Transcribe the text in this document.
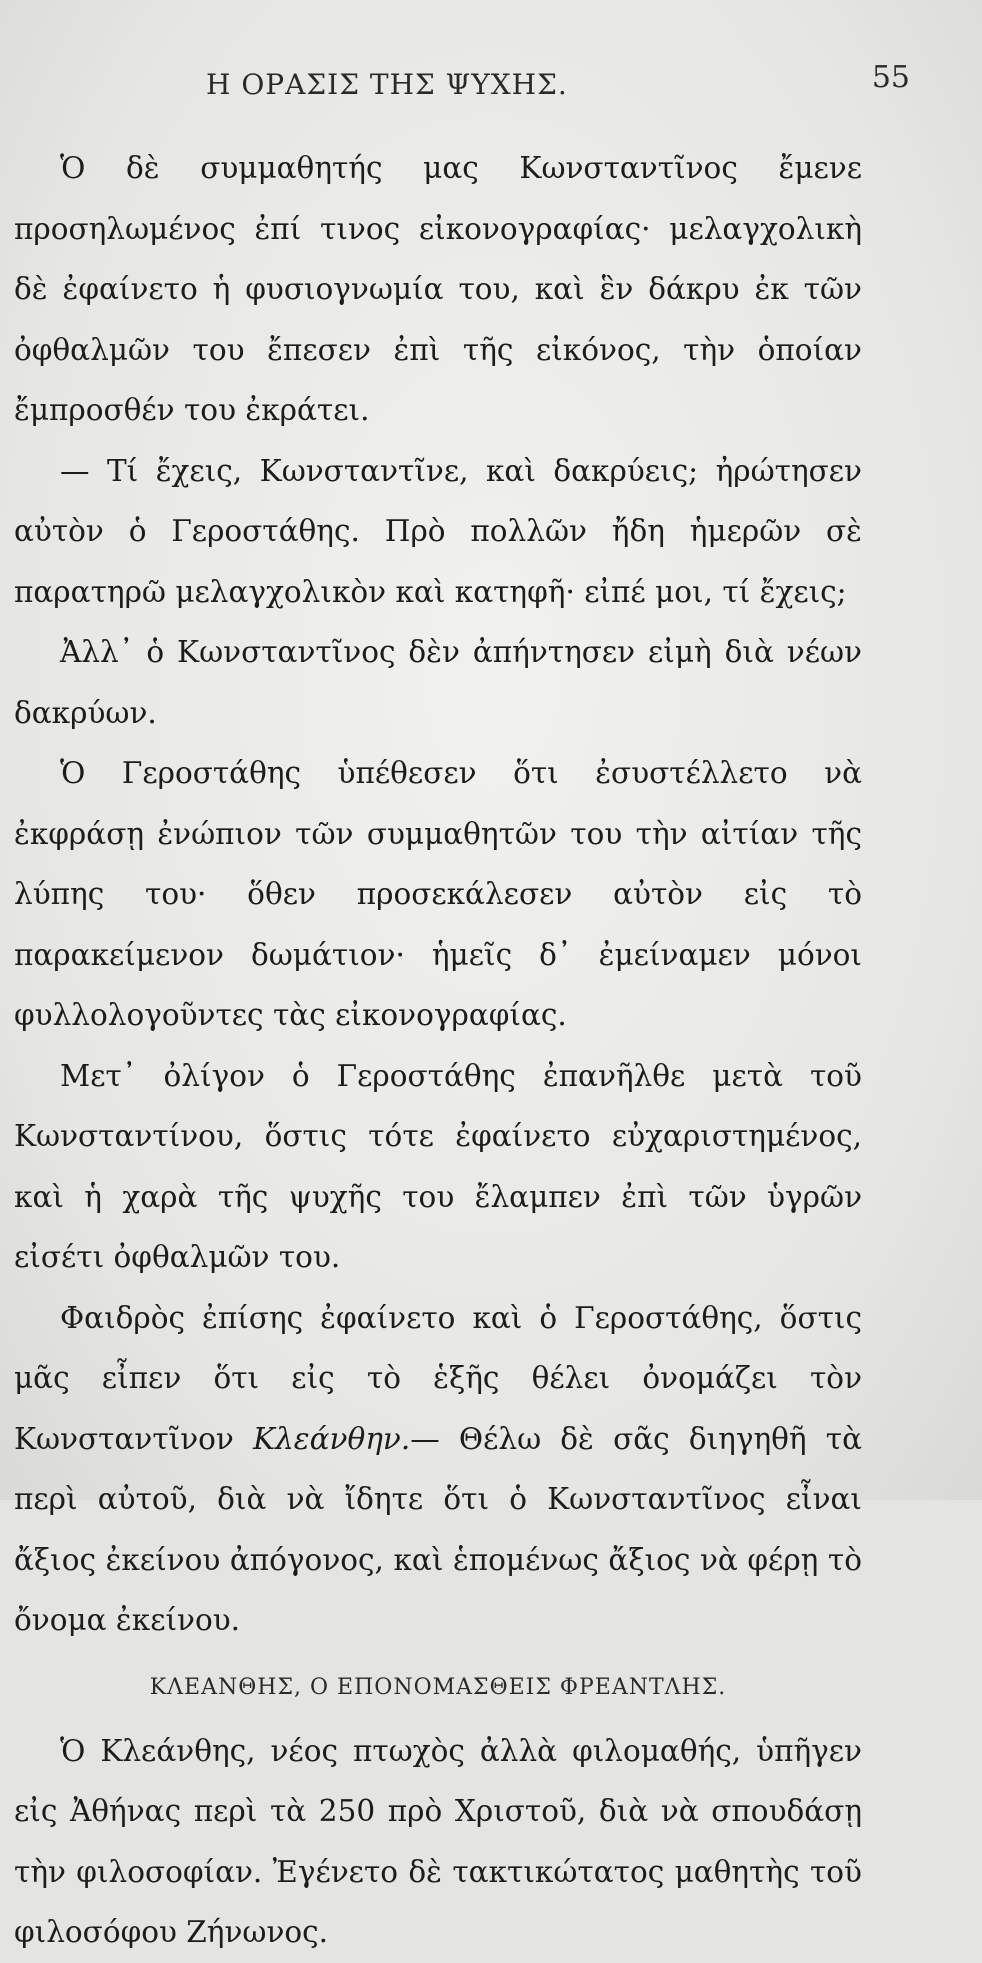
Η ΟΡΑΣΙΣ ΤΗΣ ΨΥΧΗΣ.	55

Ὁ δὲ συμμαθητής μας Κωνσταντῖνος ἔμενε προσηλωμένος ἐπί τινος εἰκονογραφίας· μελαγχολικὴ δὲ ἐφαίνετο ἡ φυσιογνωμία του, καὶ ἓν δάκρυ ἐκ τῶν ὀφθαλμῶν του ἔπεσεν ἐπὶ τῆς εἰκόνος, τὴν ὁποίαν ἔμπροσθέν του ἐκράτει.

— Τί ἔχεις, Κωνσταντῖνε, καὶ δακρύεις; ἠρώτησεν αὐτὸν ὁ Γεροστάθης. Πρὸ πολλῶν ἤδη ἡμερῶν σὲ παρατηρῶ μελαγχολικὸν καὶ κατηφῆ· εἰπέ μοι, τί ἔχεις;

Ἀλλ᾽ ὁ Κωνσταντῖνος δὲν ἀπήντησεν εἰμὴ διὰ νέων δακρύων.

Ὁ Γεροστάθης ὑπέθεσεν ὅτι ἐσυστέλλετο νὰ ἐκφράσῃ ἐνώπιον τῶν συμμαθητῶν του τὴν αἰτίαν τῆς λύπης του· ὅθεν προσεκάλεσεν αὐτὸν εἰς τὸ παρακείμενον δωμάτιον· ἡμεῖς δ᾽ ἐμείναμεν μόνοι φυλλολογοῦντες τὰς εἰκονογραφίας.

Μετ᾽ ὀλίγον ὁ Γεροστάθης ἐπανῆλθε μετὰ τοῦ Κωνσταντίνου, ὅστις τότε ἐφαίνετο εὐχαριστημένος, καὶ ἡ χαρὰ τῆς ψυχῆς του ἔλαμπεν ἐπὶ τῶν ὑγρῶν εἰσέτι ὀφθαλμῶν του.

Φαιδρὸς ἐπίσης ἐφαίνετο καὶ ὁ Γεροστάθης, ὅστις μᾶς εἶπεν ὅτι εἰς τὸ ἑξῆς θέλει ὀνομάζει τὸν Κωνσταντῖνον Κλεάνθην.— Θέλω δὲ σᾶς διηγηθῆ τὰ περὶ αὐτοῦ, διὰ νὰ ἴδητε ὅτι ὁ Κωνσταντῖνος εἶναι ἄξιος ἐκείνου ἀπόγονος, καὶ ἑπομένως ἄξιος νὰ φέρῃ τὸ ὄνομα ἐκείνου.

ΚΛΕΑΝΘΗΣ, Ο ΕΠΟΝΟΜΑΣΘΕΙΣ ΦΡΕΑΝΤΛΗΣ.

Ὁ Κλεάνθης, νέος πτωχὸς ἀλλὰ φιλομαθής, ὑπῆγεν εἰς Ἀθήνας περὶ τὰ 250 πρὸ Χριστοῦ, διὰ νὰ σπουδάσῃ τὴν φιλοσοφίαν. Ἐγένετο δὲ τακτικώτατος μαθητὴς τοῦ φιλοσόφου Ζήνωνος.
